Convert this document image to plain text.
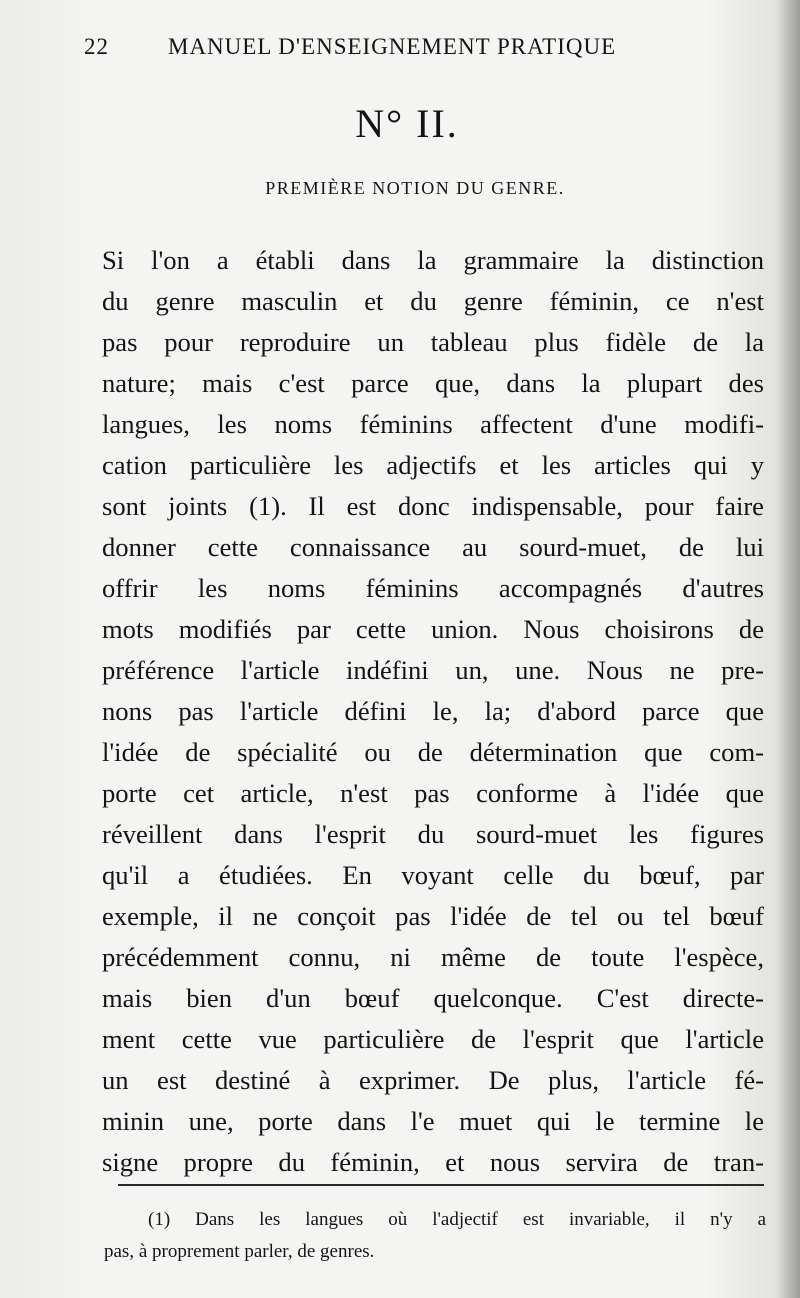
22	MANUEL D'ENSEIGNEMENT PRATIQUE
N° II.
PREMIÈRE NOTION DU GENRE.
Si l'on a établi dans la grammaire la distinction
du genre masculin et du genre féminin, ce n'est
pas pour reproduire un tableau plus fidèle de la
nature; mais c'est parce que, dans la plupart des
langues, les noms féminins affectent d'une modifi-
cation particulière les adjectifs et les articles qui y
sont joints (1). Il est donc indispensable, pour faire
donner cette connaissance au sourd-muet, de lui
offrir les noms féminins accompagnés d'autres
mots modifiés par cette union. Nous choisirons de
préférence l'article indéfini un, une. Nous ne pre-
nons pas l'article défini le, la; d'abord parce que
l'idée de spécialité ou de détermination que com-
porte cet article, n'est pas conforme à l'idée que
réveillent dans l'esprit du sourd-muet les figures
qu'il a étudiées. En voyant celle du bœuf, par
exemple, il ne conçoit pas l'idée de tel ou tel bœuf
précédemment connu, ni même de toute l'espèce,
mais bien d'un bœuf quelconque. C'est directe-
ment cette vue particulière de l'esprit que l'article
un est destiné à exprimer. De plus, l'article fé-
minin une, porte dans l'e muet qui le termine le
signe propre du féminin, et nous servira de tran-
(1) Dans les langues où l'adjectif est invariable, il n'y a
pas, à proprement parler, de genres.
